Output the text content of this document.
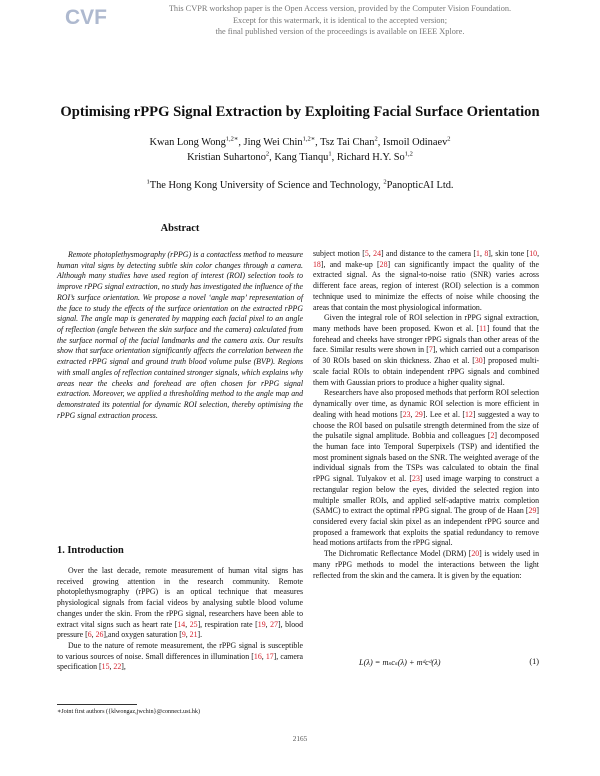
CVF	This CVPR workshop paper is the Open Access version, provided by the Computer Vision Foundation.
Except for this watermark, it is identical to the accepted version;
the final published version of the proceedings is available on IEEE Xplore.
Optimising rPPG Signal Extraction by Exploiting Facial Surface Orientation
Kwan Long Wong$^{1,2∗}$, Jing Wei Chin$^{1,2∗}$, Tsz Tai Chan$^2$, Ismoil Odinaev$^2$
Kristian Suhartono$^2$, Kang Tianqu$^1$, Richard H.Y. So$^{1,2}$
$^1$The Hong Kong University of Science and Technology, $^2$PanopticAI Ltd.
Abstract

Remote photoplethysmography (rPPG) is a contactless method to measure human vital signs by detecting subtle skin color changes through a camera. Although many studies have used region of interest (ROI) selection tools to improve rPPG signal extraction, no study has investigated the influence of the ROI’s surface orientation. We propose a novel ‘angle map’ representation of the face to study the effects of the surface orientation on the extracted rPPG signal. The angle map is generated by mapping each facial pixel to an angle of reflection (angle between the skin surface and the camera) calculated from the surface normal of the facial landmarks and the camera axis. Our results show that surface orientation significantly affects the correlation between the extracted rPPG signal and ground truth blood volume pulse (BVP). Regions with small angles of reflection contained stronger signals, which explains why areas near the cheeks and forehead are often chosen for rPPG signal extraction. Moreover, we applied a thresholding method to the angle map and demonstrated its potential for dynamic ROI selection, thereby optimising the rPPG signal extraction process.

1. Introduction

Over the last decade, remote measurement of human vital signs has received growing attention in the research community. Remote photoplethysmography (rPPG) is an optical technique that measures physiological signals from facial videos by analysing subtle blood volume changes under the skin. From the rPPG signal, researchers have been able to extract vital signs such as heart rate [14, 25], respiration rate [19, 27], blood pressure [6, 26],and oxygen saturation [9, 21].

Due to the nature of remote measurement, the rPPG signal is susceptible to various sources of noise. Small differences in illumination [16, 17], camera specification [15, 22],

subject motion [5, 24] and distance to the camera [1, 8], skin tone [10, 18], and make-up [28] can significantly impact the quality of the extracted signal. As the signal-to-noise ratio (SNR) varies across different face areas, region of interest (ROI) selection is a common technique used to minimize the effects of noise while choosing the areas that contain the most physiological information.

Given the integral role of ROI selection in rPPG signal extraction, many methods have been proposed. Kwon et al. [11] found that the forehead and cheeks have stronger rPPG signals than other areas of the face. Similar results were shown in [7], which carried out a comparison of 30 ROIs based on skin thickness. Zhao et al. [30] proposed multi-scale facial ROIs to obtain independent rPPG signals and combined them with Gaussian priors to produce a higher quality signal.

Researchers have also proposed methods that perform ROI selection dynamically over time, as dynamic ROI selection is more efficient in dealing with head motions [23, 29]. Lee et al. [12] suggested a way to choose the ROI based on pulsatile strength determined from the size of the pulsatile signal amplitude. Bobbia and colleagues [2] decomposed the human face into Temporal Superpixels (TSP) and identified the most prominent signals based on the SNR. The weighted average of the individual signals from the TSPs was calculated to obtain the final rPPG signal. Tulyakov et al. [23] used image warping to construct a rectangular region below the eyes, divided the selected region into multiple smaller ROIs, and applied self-adaptive matrix completion (SAMC) to extract the optimal rPPG signal. The group of de Haan [29] considered every facial skin pixel as an independent rPPG source and proposed a framework that exploits the spatial redundancy to remove head motions artifacts from the rPPG signal.

The Dichromatic Reflectance Model (DRM) [20] is widely used in many rPPG methods to model the interactions between the light reflected from the skin and the camera. It is given by the equation:

L(λ) = mₛcₛ(λ) + mᵈcᵈ(λ)	(1)
∗Joint first authors ({klwongaz,jwchin}@connect.ust.hk)
2165
